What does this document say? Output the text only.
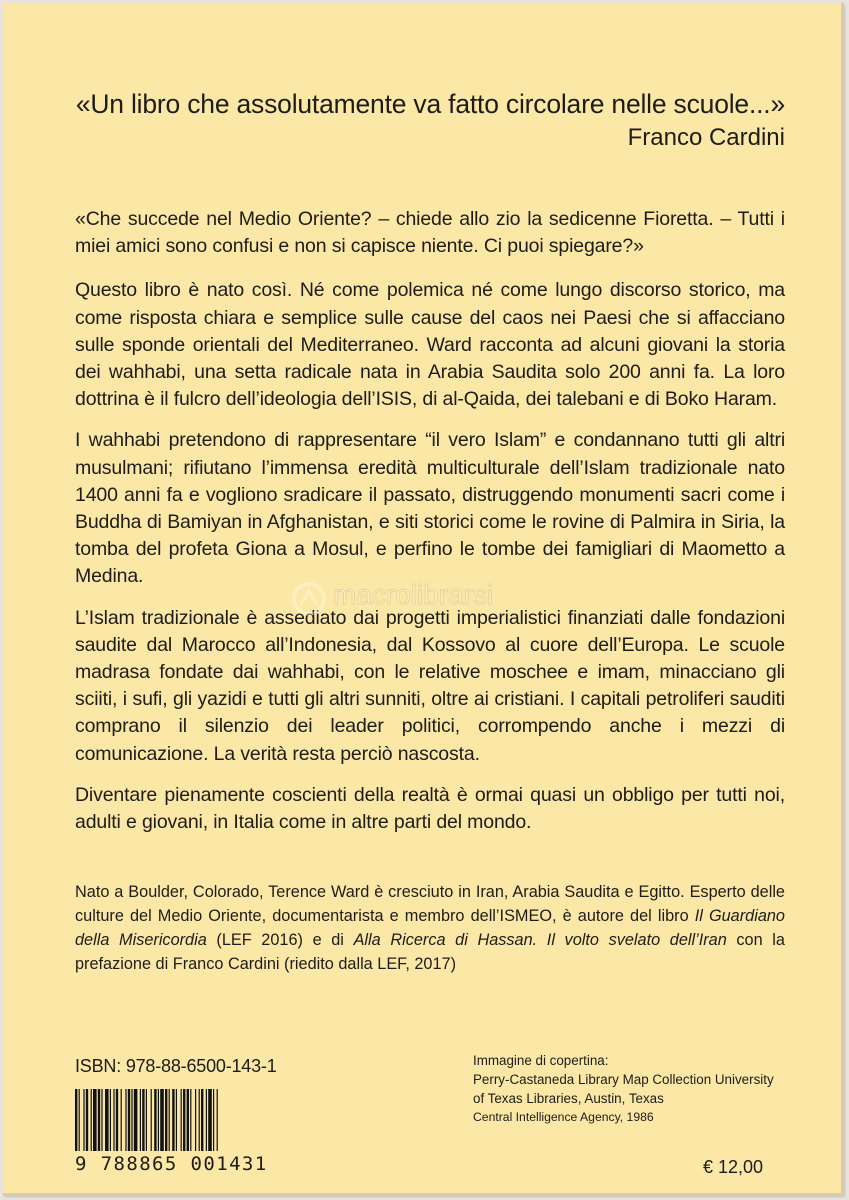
«Un libro che assolutamente va fatto circolare nelle scuole...»
Franco Cardini

«Che succede nel Medio Oriente? – chiede allo zio la sedicenne Fioretta. – Tutti i miei amici sono confusi e non si capisce niente. Ci puoi spiegare?»

Questo libro è nato così. Né come polemica né come lungo discorso storico, ma come risposta chiara e semplice sulle cause del caos nei Paesi che si affacciano sulle sponde orientali del Mediterraneo. Ward racconta ad alcuni giovani la storia dei wahhabi, una setta radicale nata in Arabia Saudita solo 200 anni fa. La loro dottrina è il fulcro dell’ideologia dell’ISIS, di al-Qaida, dei talebani e di Boko Haram.

I wahhabi pretendono di rappresentare “il vero Islam” e condannano tutti gli altri musulmani; rifiutano l’immensa eredità multiculturale dell’Islam tradizionale nato 1400 anni fa e vogliono sradicare il passato, distruggendo monumenti sacri come i Buddha di Bamiyan in Afghanistan, e siti storici come le rovine di Palmira in Siria, la tomba del profeta Giona a Mosul, e perfino le tombe dei famigliari di Maometto a Medina.

L’Islam tradizionale è assediato dai progetti imperialistici finanziati dalle fondazioni saudite dal Marocco all’Indonesia, dal Kossovo al cuore dell’Europa. Le scuole madrasa fondate dai wahhabi, con le relative moschee e imam, minacciano gli sciiti, i sufi, gli yazidi e tutti gli altri sunniti, oltre ai cristiani. I capitali petroliferi sauditi comprano il silenzio dei leader politici, corrompendo anche i mezzi di comunicazione. La verità resta perciò nascosta.

Diventare pienamente coscienti della realtà è ormai quasi un obbligo per tutti noi, adulti e giovani, in Italia come in altre parti del mondo.

macrolibrarsi
Nato a Boulder, Colorado, Terence Ward è cresciuto in Iran, Arabia Saudita e Egitto. Esperto delle culture del Medio Oriente, documentarista e membro dell’ISMEO, è autore del libro Il Guardiano della Misericordia (LEF 2016) e di Alla Ricerca di Hassan. Il volto svelato dell’Iran con la prefazione di Franco Cardini (riedito dalla LEF, 2017)
ISBN: 978-88-6500-143-1
9 788865 001431
Immagine di copertina:
Perry-Castaneda Library Map Collection University
of Texas Libraries, Austin, Texas
Central Intelligence Agency, 1986
€ 12,00
